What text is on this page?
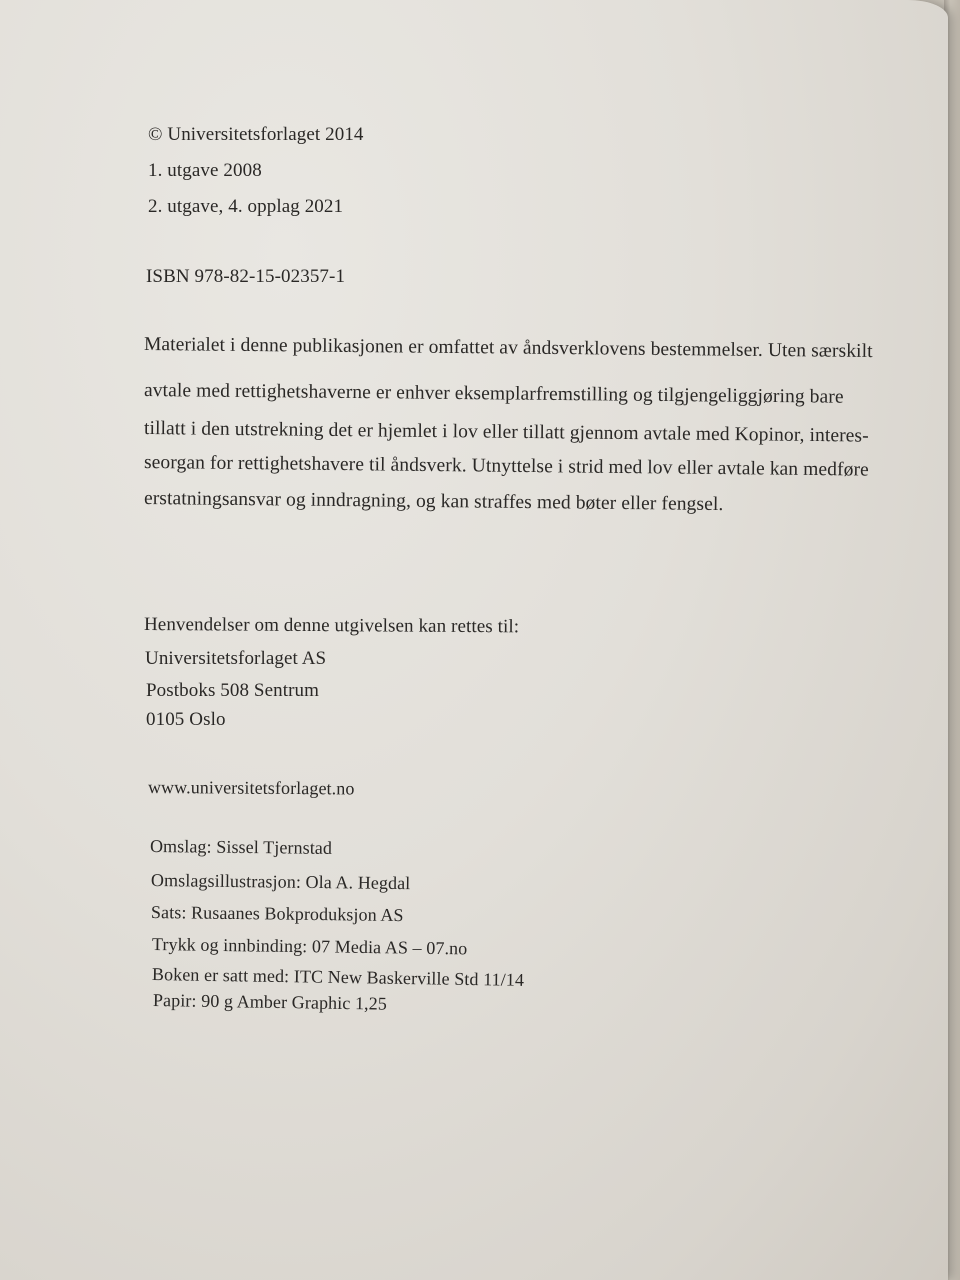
© Universitetsforlaget 2014
1. utgave 2008
2. utgave, 4. opplag 2021
ISBN 978-82-15-02357-1
Materialet i denne publikasjonen er omfattet av åndsverklovens bestemmelser. Uten særskilt
avtale med rettighetshaverne er enhver eksemplarfremstilling og tilgjengeliggjøring bare
tillatt i den utstrekning det er hjemlet i lov eller tillatt gjennom avtale med Kopinor, interes-
seorgan for rettighetshavere til åndsverk. Utnyttelse i strid med lov eller avtale kan medføre
erstatningsansvar og inndragning, og kan straffes med bøter eller fengsel.
Henvendelser om denne utgivelsen kan rettes til:
Universitetsforlaget AS
Postboks 508 Sentrum
0105 Oslo
www.universitetsforlaget.no
Omslag: Sissel Tjernstad
Omslagsillustrasjon: Ola A. Hegdal
Sats: Rusaanes Bokproduksjon AS
Trykk og innbinding: 07 Media AS – 07.no
Boken er satt med: ITC New Baskerville Std 11/14
Papir: 90 g Amber Graphic 1,25
